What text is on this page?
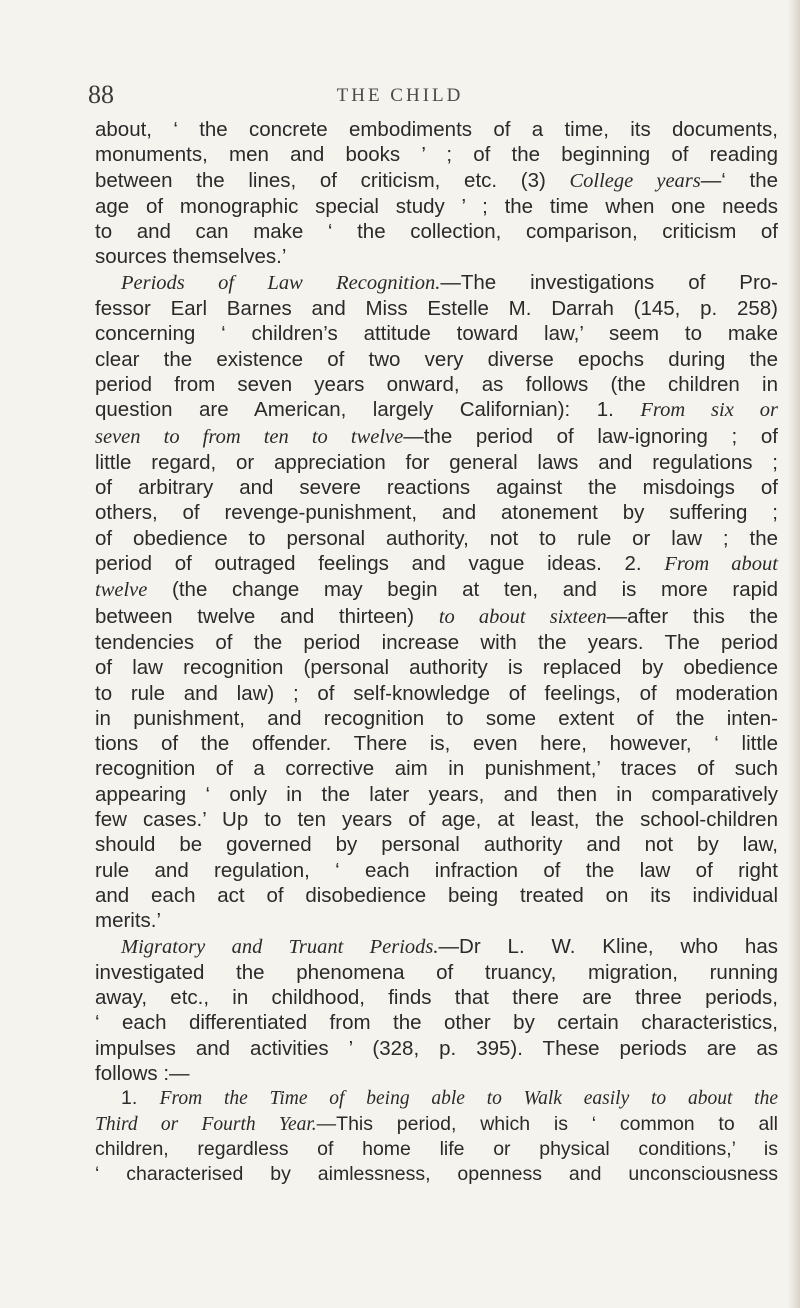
88	THE CHILD
about, ‘ the concrete embodiments of a time, its documents,
monuments, men and books ’ ; of the beginning of reading
between the lines, of criticism, etc. (3) College years—‘ the
age of monographic special study ’ ; the time when one needs
to and can make ‘ the collection, comparison, criticism of
sources themselves.’
Periods of Law Recognition.—The investigations of Pro-
fessor Earl Barnes and Miss Estelle M. Darrah (145, p. 258)
concerning ‘ children’s attitude toward law,’ seem to make
clear the existence of two very diverse epochs during the
period from seven years onward, as follows (the children in
question are American, largely Californian): 1. From six or
seven to from ten to twelve—the period of law-ignoring ; of
little regard, or appreciation for general laws and regulations ;
of arbitrary and severe reactions against the misdoings of
others, of revenge-punishment, and atonement by suffering ;
of obedience to personal authority, not to rule or law ; the
period of outraged feelings and vague ideas. 2. From about
twelve (the change may begin at ten, and is more rapid
between twelve and thirteen) to about sixteen—after this the
tendencies of the period increase with the years. The period
of law recognition (personal authority is replaced by obedience
to rule and law) ; of self-knowledge of feelings, of moderation
in punishment, and recognition to some extent of the inten-
tions of the offender. There is, even here, however, ‘ little
recognition of a corrective aim in punishment,’ traces of such
appearing ‘ only in the later years, and then in comparatively
few cases.’ Up to ten years of age, at least, the school-children
should be governed by personal authority and not by law,
rule and regulation, ‘ each infraction of the law of right
and each act of disobedience being treated on its individual
merits.’
Migratory and Truant Periods.—Dr L. W. Kline, who has
investigated the phenomena of truancy, migration, running
away, etc., in childhood, finds that there are three periods,
‘ each differentiated from the other by certain characteristics,
impulses and activities ’ (328, p. 395). These periods are as
follows :—
1. From the Time of being able to Walk easily to about the
Third or Fourth Year.—This period, which is ‘ common to all
children, regardless of home life or physical conditions,’ is
‘ characterised by aimlessness, openness and unconsciousness
